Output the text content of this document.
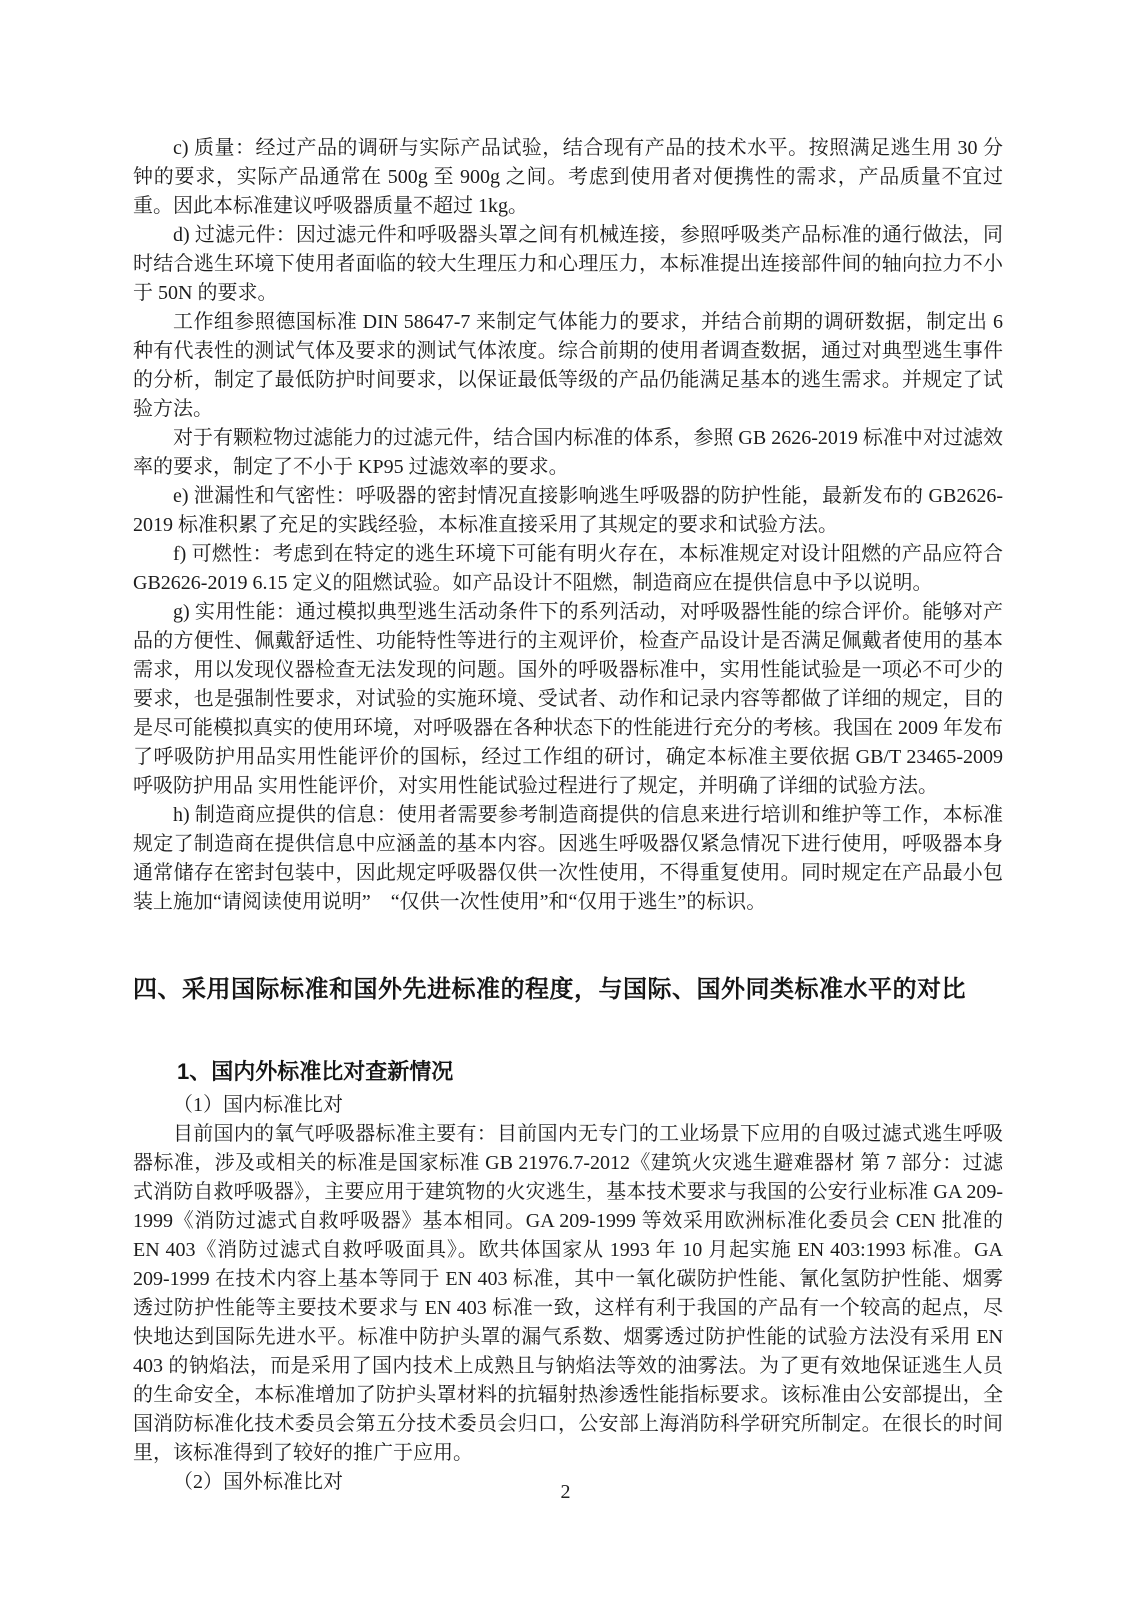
c) 质量：经过产品的调研与实际产品试验，结合现有产品的技术水平。按照满足逃生用 30 分钟的要求，实际产品通常在 500g 至 900g 之间。考虑到使用者对便携性的需求，产品质量不宜过重。因此本标准建议呼吸器质量不超过 1kg。

d) 过滤元件：因过滤元件和呼吸器头罩之间有机械连接，参照呼吸类产品标准的通行做法，同时结合逃生环境下使用者面临的较大生理压力和心理压力，本标准提出连接部件间的轴向拉力不小于 50N 的要求。

工作组参照德国标准 DIN 58647-7 来制定气体能力的要求，并结合前期的调研数据，制定出 6 种有代表性的测试气体及要求的测试气体浓度。综合前期的使用者调查数据，通过对典型逃生事件的分析，制定了最低防护时间要求，以保证最低等级的产品仍能满足基本的逃生需求。并规定了试验方法。

对于有颗粒物过滤能力的过滤元件，结合国内标准的体系，参照 GB 2626-2019 标准中对过滤效率的要求，制定了不小于 KP95 过滤效率的要求。

e) 泄漏性和气密性：呼吸器的密封情况直接影响逃生呼吸器的防护性能，最新发布的 GB2626-2019 标准积累了充足的实践经验，本标准直接采用了其规定的要求和试验方法。

f) 可燃性：考虑到在特定的逃生环境下可能有明火存在，本标准规定对设计阻燃的产品应符合 GB2626-2019 6.15 定义的阻燃试验。如产品设计不阻燃，制造商应在提供信息中予以说明。

g) 实用性能：通过模拟典型逃生活动条件下的系列活动，对呼吸器性能的综合评价。能够对产品的方便性、佩戴舒适性、功能特性等进行的主观评价，检查产品设计是否满足佩戴者使用的基本需求，用以发现仪器检查无法发现的问题。国外的呼吸器标准中，实用性能试验是一项必不可少的要求，也是强制性要求，对试验的实施环境、受试者、动作和记录内容等都做了详细的规定，目的是尽可能模拟真实的使用环境，对呼吸器在各种状态下的性能进行充分的考核。我国在 2009 年发布了呼吸防护用品实用性能评价的国标，经过工作组的研讨，确定本标准主要依据 GB/T 23465-2009 呼吸防护用品 实用性能评价，对实用性能试验过程进行了规定，并明确了详细的试验方法。

h) 制造商应提供的信息：使用者需要参考制造商提供的信息来进行培训和维护等工作，本标准规定了制造商在提供信息中应涵盖的基本内容。因逃生呼吸器仅紧急情况下进行使用，呼吸器本身通常储存在密封包装中，因此规定呼吸器仅供一次性使用，不得重复使用。同时规定在产品最小包装上施加“请阅读使用说明”　“仅供一次性使用”和“仅用于逃生”的标识。

四、采用国际标准和国外先进标准的程度，与国际、国外同类标准水平的对比
1、国内外标准比对查新情况

（1）国内标准比对

目前国内的氧气呼吸器标准主要有：目前国内无专门的工业场景下应用的自吸过滤式逃生呼吸器标准，涉及或相关的标准是国家标准 GB 21976.7-2012《建筑火灾逃生避难器材 第 7 部分：过滤式消防自救呼吸器》，主要应用于建筑物的火灾逃生，基本技术要求与我国的公安行业标准 GA 209-1999《消防过滤式自救呼吸器》基本相同。GA 209-1999 等效采用欧洲标准化委员会 CEN 批准的 EN 403《消防过滤式自救呼吸面具》。欧共体国家从 1993 年 10 月起实施 EN 403:1993 标准。GA 209-1999 在技术内容上基本等同于 EN 403 标准，其中一氧化碳防护性能、氰化氢防护性能、烟雾透过防护性能等主要技术要求与 EN 403 标准一致，这样有利于我国的产品有一个较高的起点，尽快地达到国际先进水平。标准中防护头罩的漏气系数、烟雾透过防护性能的试验方法没有采用 EN 403 的钠焰法，而是采用了国内技术上成熟且与钠焰法等效的油雾法。为了更有效地保证逃生人员的生命安全，本标准增加了防护头罩材料的抗辐射热渗透性能指标要求。该标准由公安部提出，全国消防标准化技术委员会第五分技术委员会归口，公安部上海消防科学研究所制定。在很长的时间里，该标准得到了较好的推广于应用。

（2）国外标准比对	2
